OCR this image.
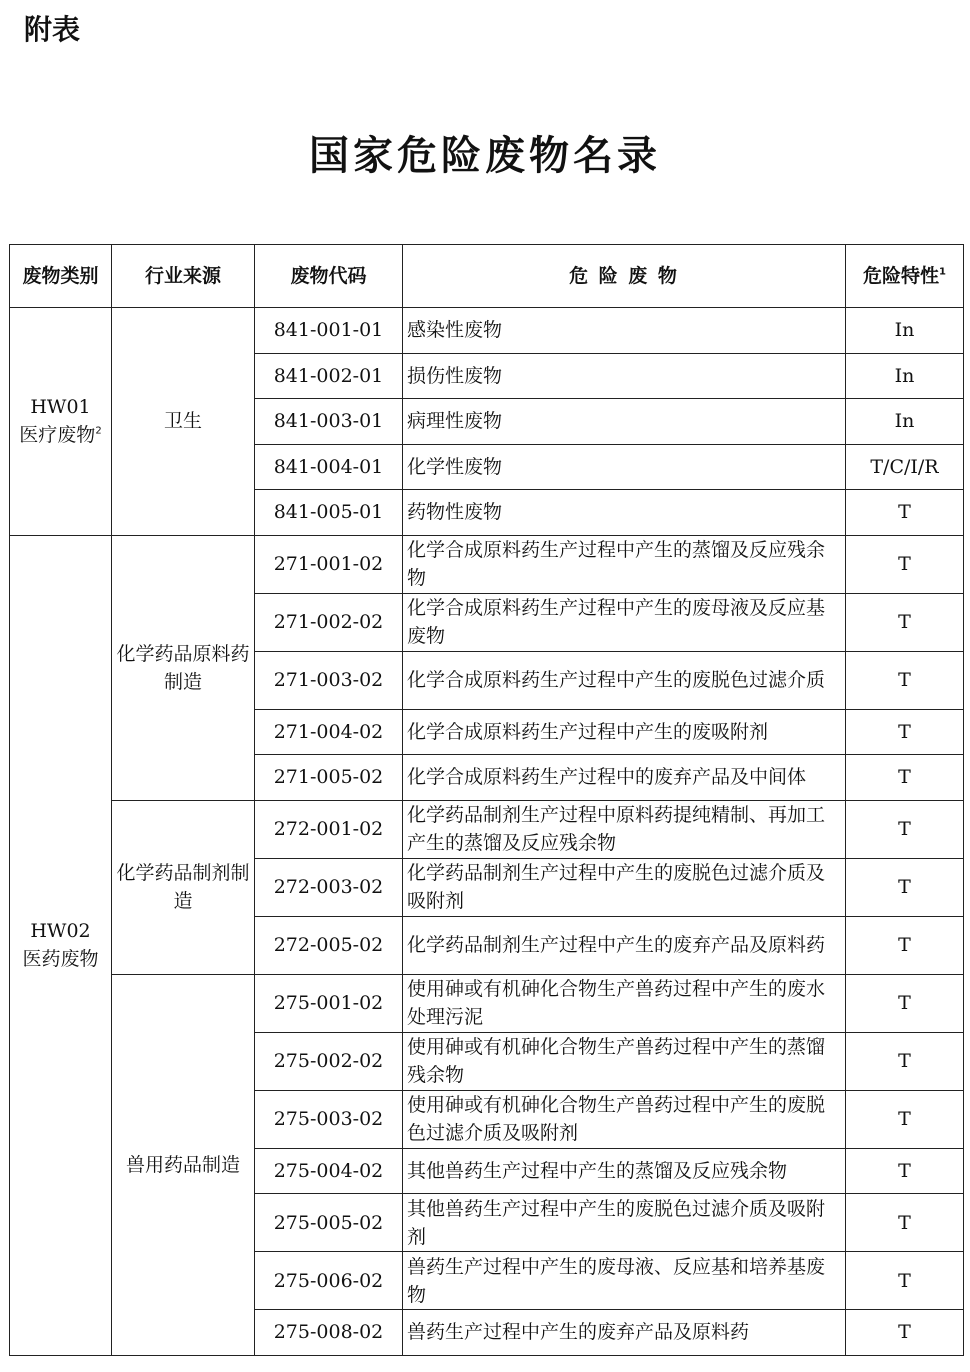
附表
国家危险废物名录
废物类别	行业来源	废物代码	危 险 废 物	危险特性$^1$

HW01
医疗废物$^2$	卫生	841-001-01	感染性废物	In
		841-002-01	损伤性废物	In
		841-003-01	病理性废物	In
		841-004-01	化学性废物	T/C/I/R
		841-005-01	药物性废物	T

HW02
医药废物	化学药品原料药制造	271-001-02	化学合成原料药生产过程中产生的蒸馏及反应残余物	T
		271-002-02	化学合成原料药生产过程中产生的废母液及反应基废物	T
		271-003-02	化学合成原料药生产过程中产生的废脱色过滤介质	T
		271-004-02	化学合成原料药生产过程中产生的废吸附剂	T
		271-005-02	化学合成原料药生产过程中的废弃产品及中间体	T
	化学药品制剂制造	272-001-02	化学药品制剂生产过程中原料药提纯精制、再加工产生的蒸馏及反应残余物	T
		272-003-02	化学药品制剂生产过程中产生的废脱色过滤介质及吸附剂	T
		272-005-02	化学药品制剂生产过程中产生的废弃产品及原料药	T
	兽用药品制造	275-001-02	使用砷或有机砷化合物生产兽药过程中产生的废水处理污泥	T
		275-002-02	使用砷或有机砷化合物生产兽药过程中产生的蒸馏残余物	T
		275-003-02	使用砷或有机砷化合物生产兽药过程中产生的废脱色过滤介质及吸附剂	T
		275-004-02	其他兽药生产过程中产生的蒸馏及反应残余物	T
		275-005-02	其他兽药生产过程中产生的废脱色过滤介质及吸附剂	T
		275-006-02	兽药生产过程中产生的废母液、反应基和培养基废物	T
		275-008-02	兽药生产过程中产生的废弃产品及原料药	T
